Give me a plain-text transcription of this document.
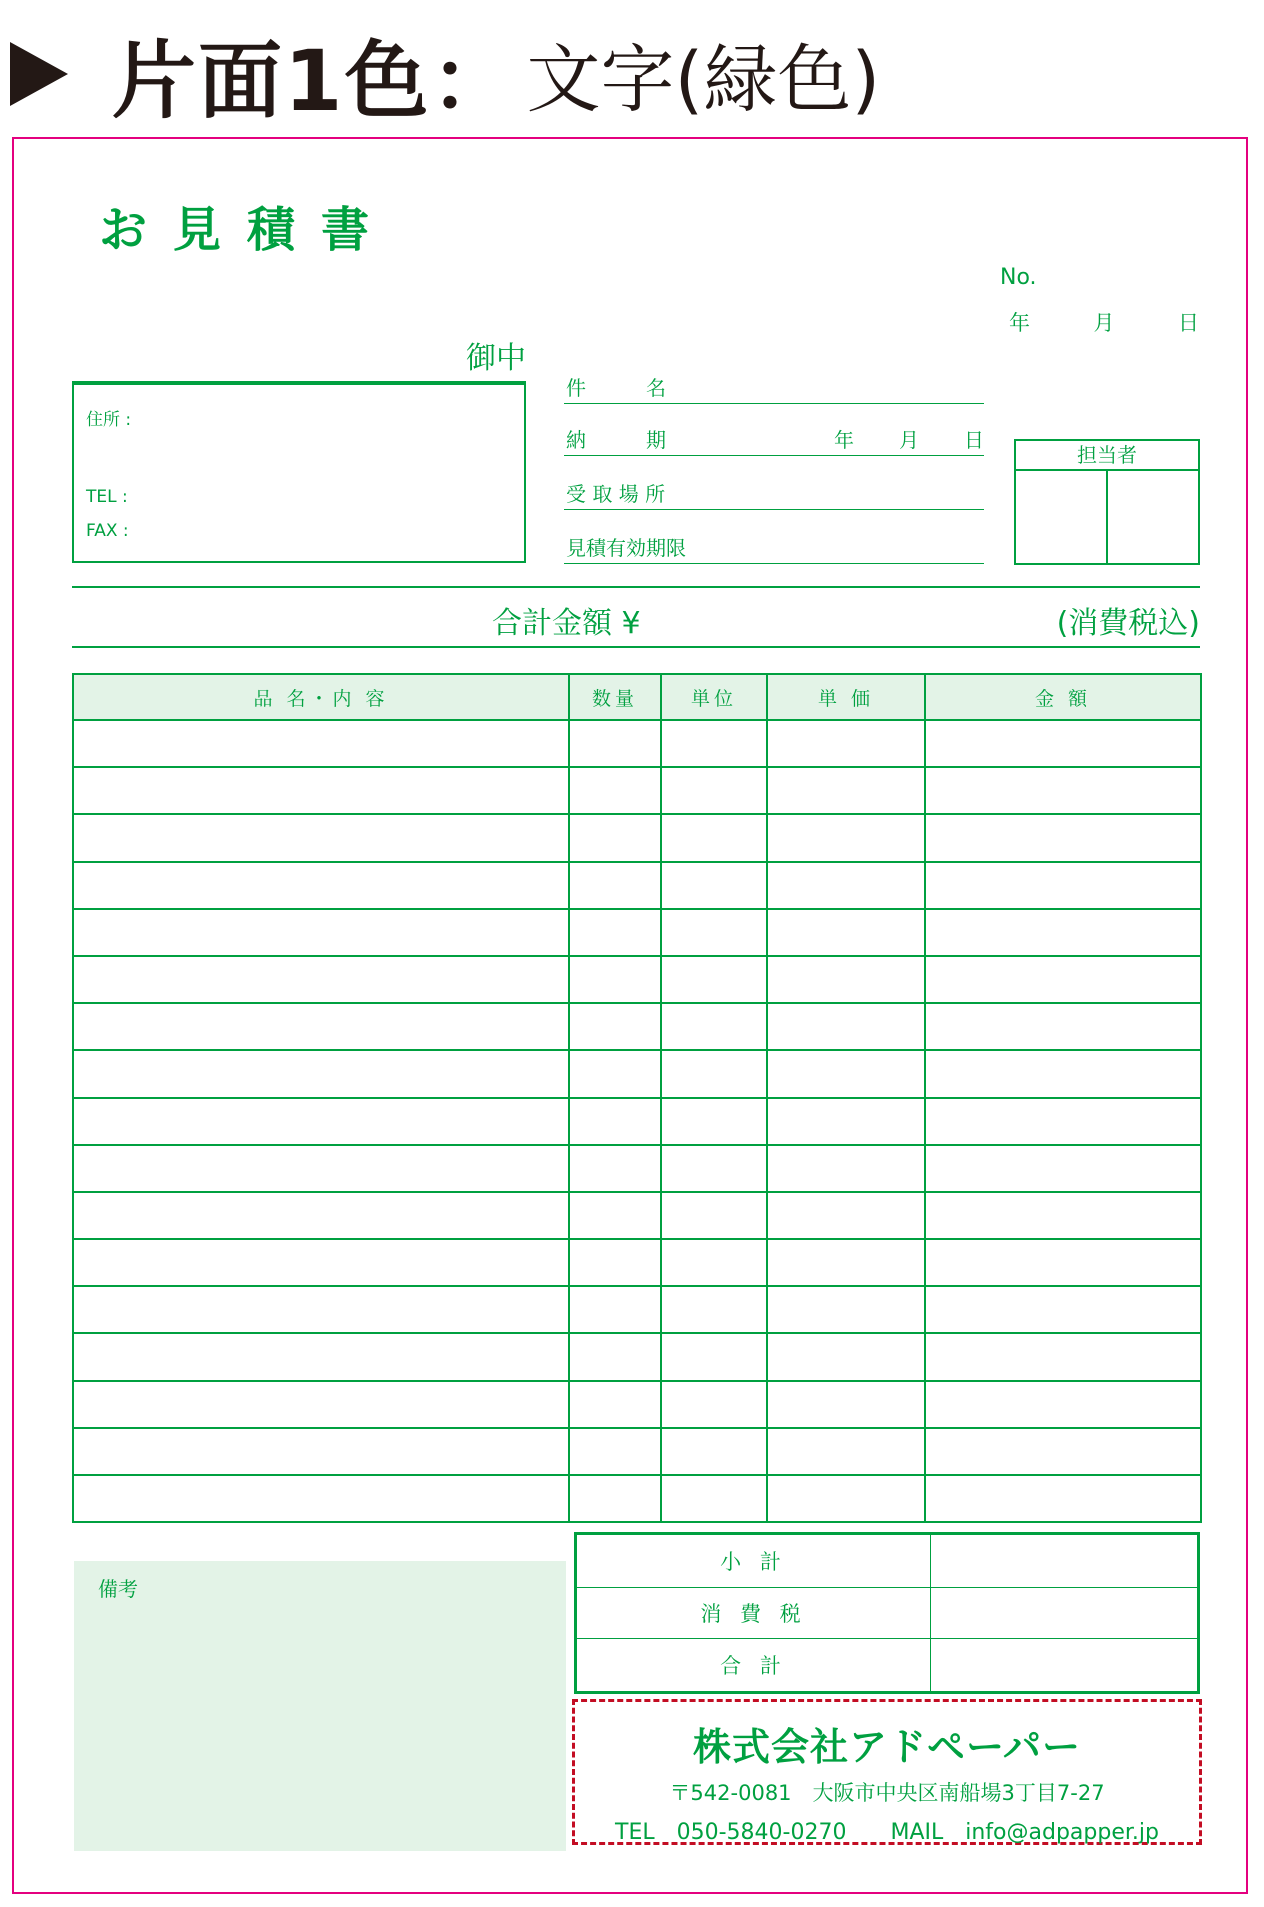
片面1色： 文字(緑色)
お見積書
No.
年	月	日
御中
住所 :
TEL :
FAX :
件　　　名
納　　　期	年 月 日
受 取 場 所
見積有効期限
担当者
合計金額 ¥	(消費税込)
品 名・内 容	数量	単位	単 価	金 額

備考
小 計	
消 費 税	
合 計	
株式会社アドペーパー
〒542-0081　大阪市中央区南船場3丁目7-27
TEL　050-5840-0270　　MAIL　info@adpapper.jp
